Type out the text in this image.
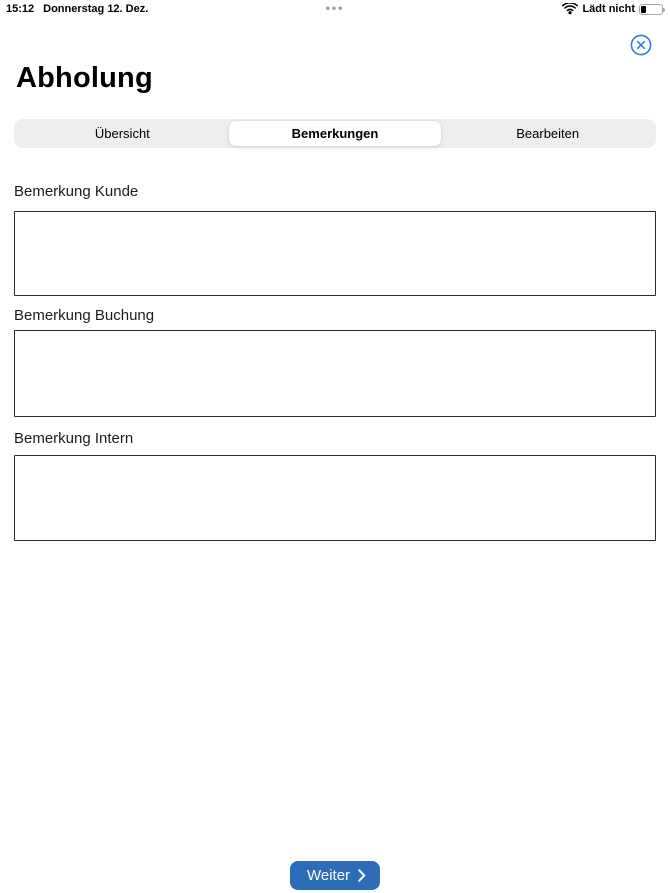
15:12 Donnerstag 12. Dez.	•••	Lädt nicht
Abholung
Übersicht	Bemerkungen	Bearbeiten
Bemerkung Kunde
Bemerkung Buchung
Bemerkung Intern
Weiter
